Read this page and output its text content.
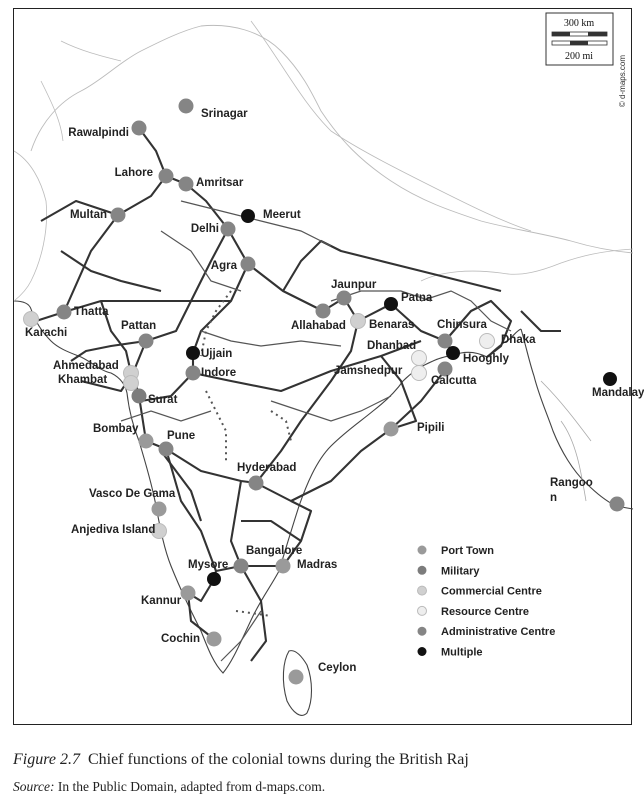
300 km
200 mi	© d-maps.com
Srinagar
Rawalpindi
Lahore
Amritsar
Multan	Meerut
Delhi
Agra
Jaunpur
Patna
Thatta
Karachi
Allahabad Benaras Chinsura
Dhaka
Pattan
Dhanbad
Ujjain	Hooghly
Ahmedabad
Khambat
Indore	Jamshedpur
Calcutta
Mandalay
Surat
Bombay
Pune
Pipili
Hyderabad
Rangoo n
Vasco De Gama
Anjediva Island
Bangalore
Mysore	Madras
Kannur
Cochin
Ceylon
Port Town
Military
Commercial Centre
Resource Centre
Administrative Centre
Multiple
Figure 2.7 Chief functions of the colonial towns during the British Raj
Source: In the Public Domain, adapted from d-maps.com.
